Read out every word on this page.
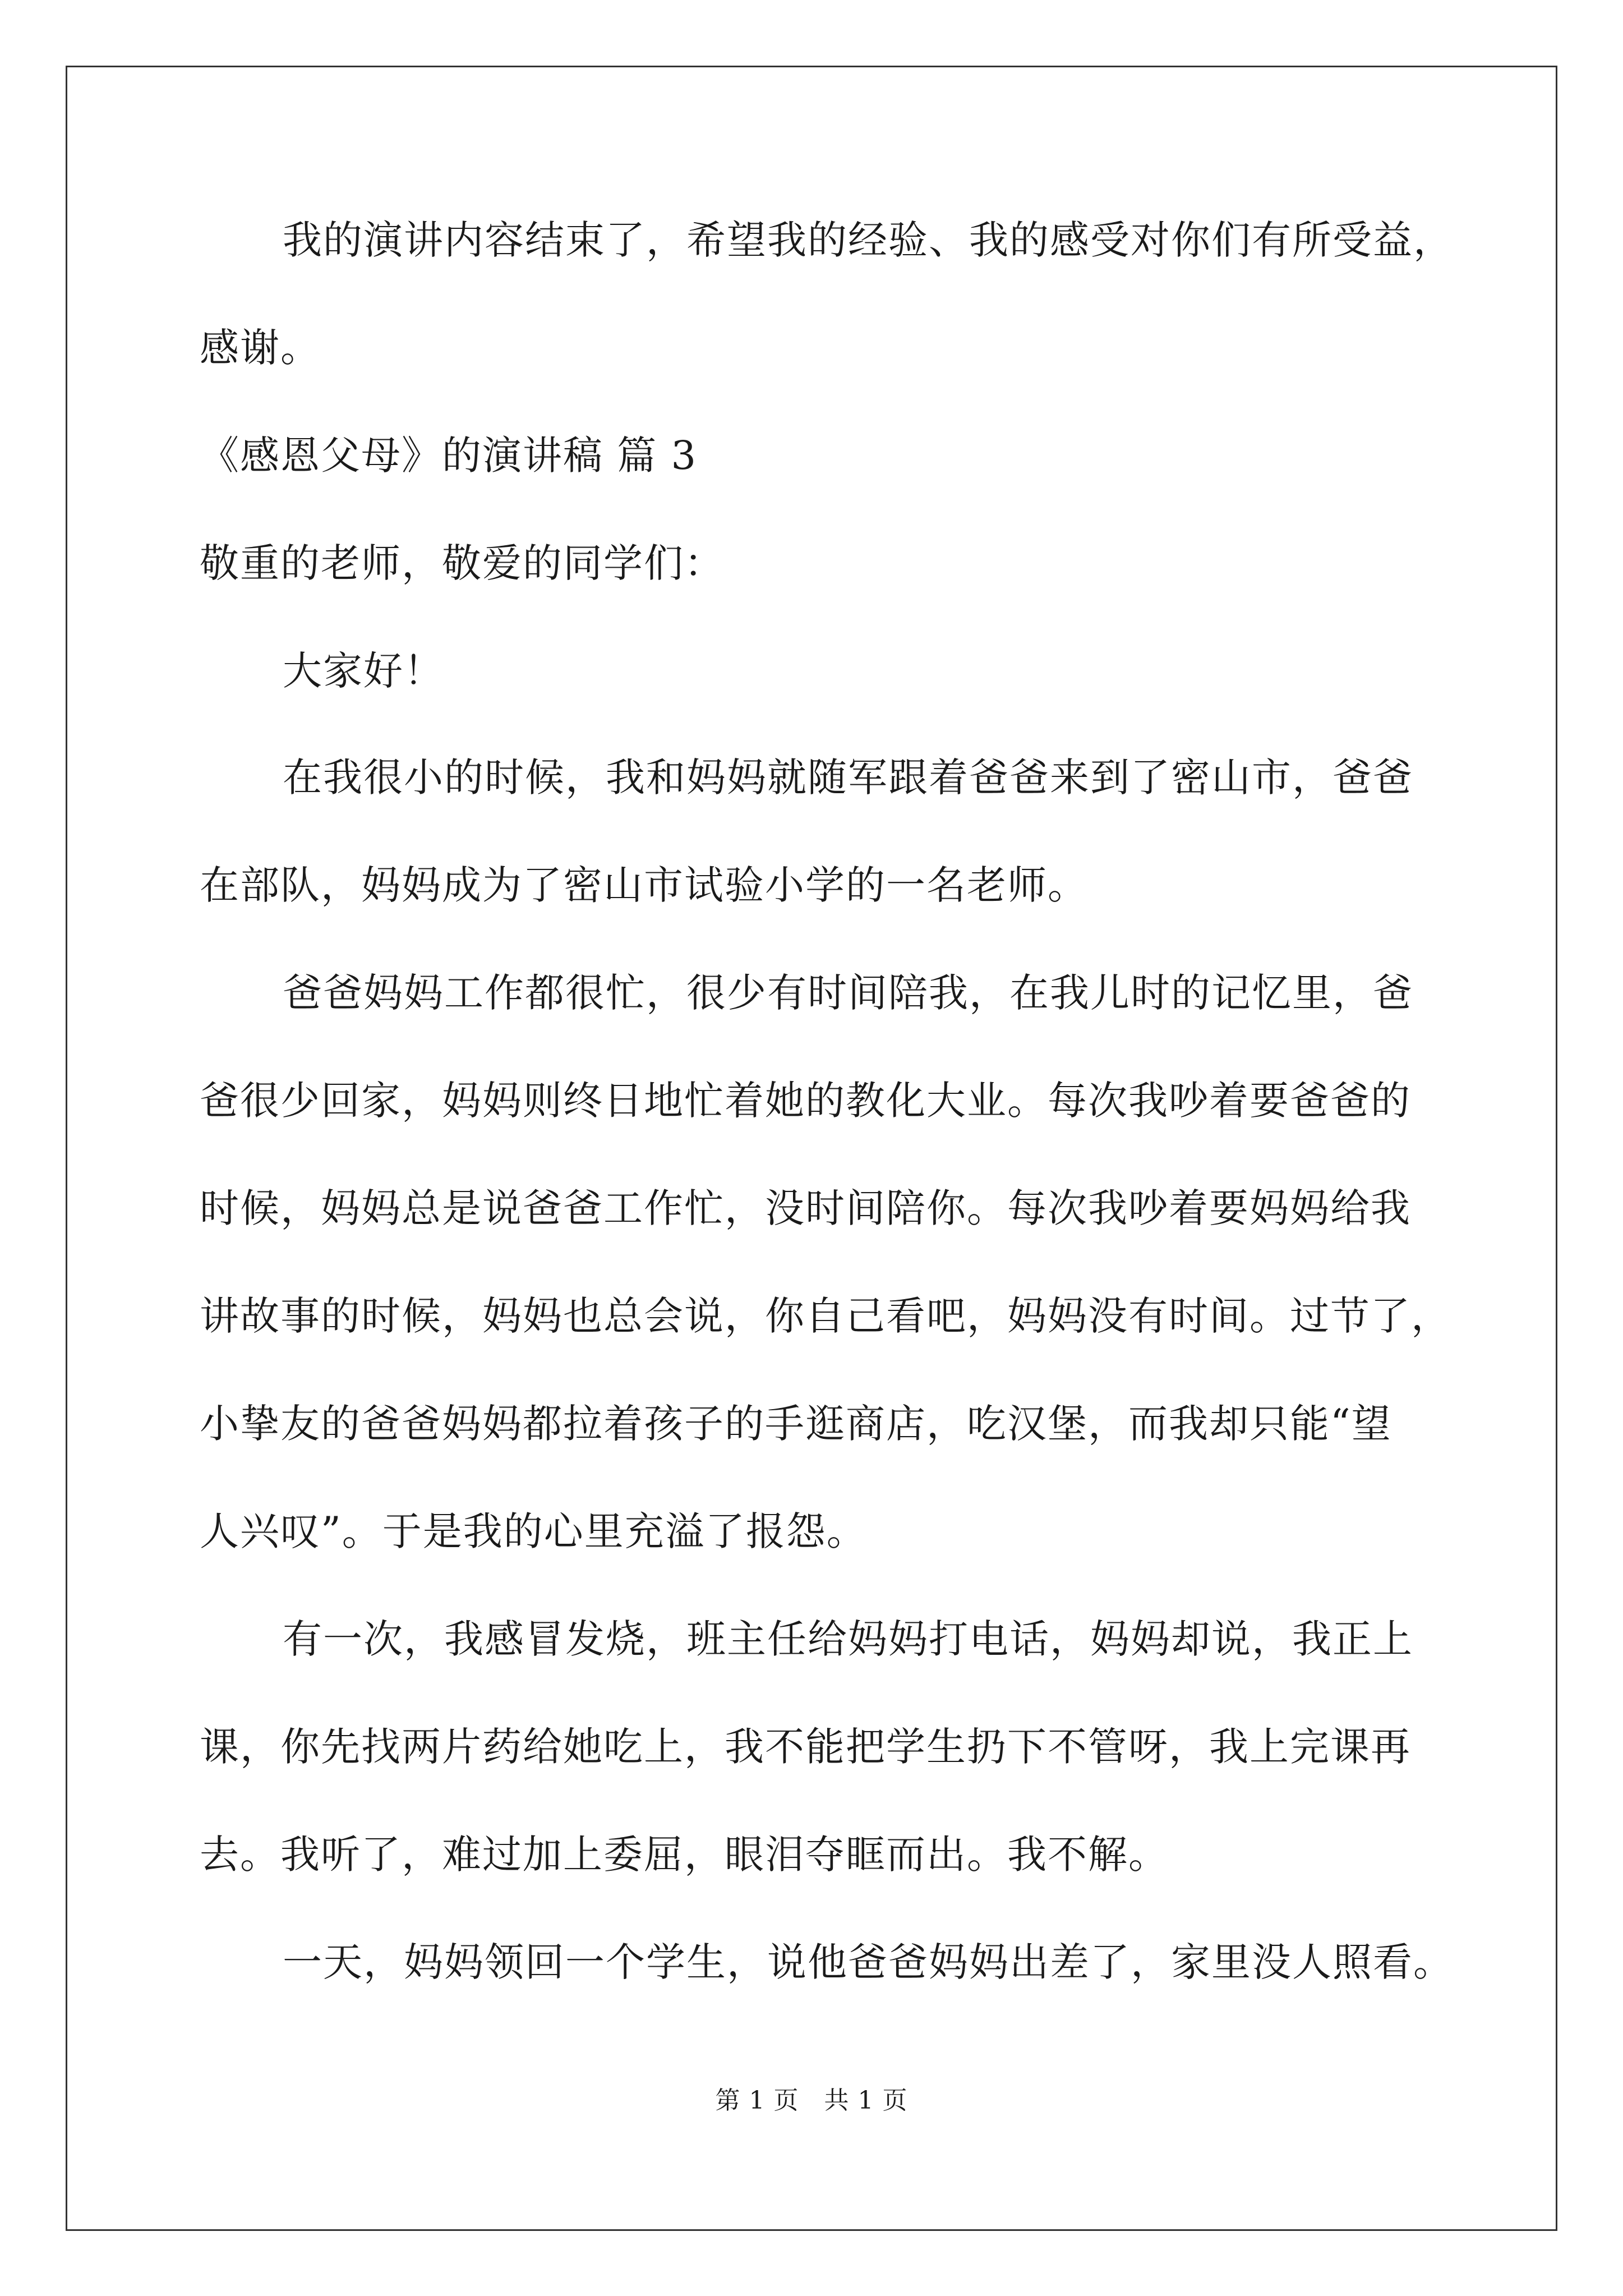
我的演讲内容结束了，希望我的经验、我的感受对你们有所受益，
感谢。
《感恩父母》的演讲稿 篇 3
敬重的老师，敬爱的同学们：
大家好！
在我很小的时候，我和妈妈就随军跟着爸爸来到了密山市，爸爸
在部队，妈妈成为了密山市试验小学的一名老师。
爸爸妈妈工作都很忙，很少有时间陪我，在我儿时的记忆里，爸
爸很少回家，妈妈则终日地忙着她的教化大业。每次我吵着要爸爸的
时候，妈妈总是说爸爸工作忙，没时间陪你。每次我吵着要妈妈给我
讲故事的时候，妈妈也总会说，你自己看吧，妈妈没有时间。过节了，
小挚友的爸爸妈妈都拉着孩子的手逛商店，吃汉堡，而我却只能“望
人兴叹”。于是我的心里充溢了报怨。
有一次，我感冒发烧，班主任给妈妈打电话，妈妈却说，我正上
课，你先找两片药给她吃上，我不能把学生扔下不管呀，我上完课再
去。我听了，难过加上委屈，眼泪夺眶而出。我不解。
一天，妈妈领回一个学生，说他爸爸妈妈出差了，家里没人照看。
第 1 页　共 1 页
